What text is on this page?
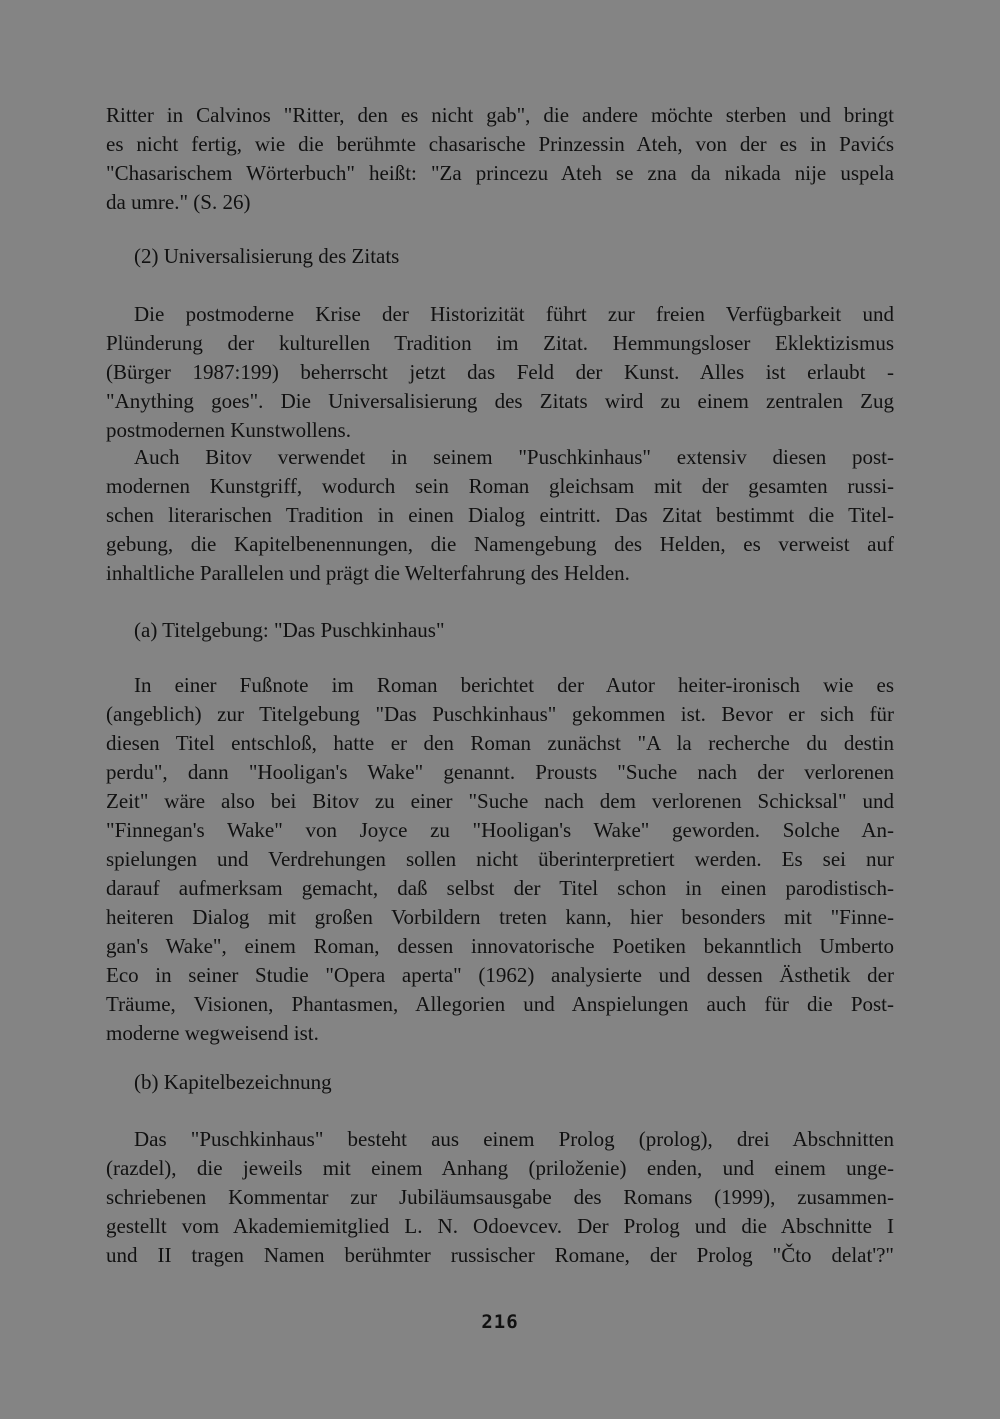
Ritter in Calvinos "Ritter, den es nicht gab", die andere möchte sterben und bringt
es nicht fertig, wie die berühmte chasarische Prinzessin Ateh, von der es in Pavićs
"Chasarischem Wörterbuch" heißt: "Za princezu Ateh se zna da nikada nije uspela
da umre." (S. 26)
(2) Universalisierung des Zitats
Die postmoderne Krise der Historizität führt zur freien Verfügbarkeit und
Plünderung der kulturellen Tradition im Zitat. Hemmungsloser Eklektizismus
(Bürger 1987:199) beherrscht jetzt das Feld der Kunst. Alles ist erlaubt -
"Anything goes". Die Universalisierung des Zitats wird zu einem zentralen Zug
postmodernen Kunstwollens.
Auch Bitov verwendet in seinem "Puschkinhaus" extensiv diesen post-
modernen Kunstgriff, wodurch sein Roman gleichsam mit der gesamten russi-
schen literarischen Tradition in einen Dialog eintritt. Das Zitat bestimmt die Titel-
gebung, die Kapitelbenennungen, die Namengebung des Helden, es verweist auf
inhaltliche Parallelen und prägt die Welterfahrung des Helden.
(a) Titelgebung: "Das Puschkinhaus"
In einer Fußnote im Roman berichtet der Autor heiter-ironisch wie es
(angeblich) zur Titelgebung "Das Puschkinhaus" gekommen ist. Bevor er sich für
diesen Titel entschloß, hatte er den Roman zunächst "A la recherche du destin
perdu", dann "Hooligan's Wake" genannt. Prousts "Suche nach der verlorenen
Zeit" wäre also bei Bitov zu einer "Suche nach dem verlorenen Schicksal" und
"Finnegan's Wake" von Joyce zu "Hooligan's Wake" geworden. Solche An-
spielungen und Verdrehungen sollen nicht überinterpretiert werden. Es sei nur
darauf aufmerksam gemacht, daß selbst der Titel schon in einen parodistisch-
heiteren Dialog mit großen Vorbildern treten kann, hier besonders mit "Finne-
gan's Wake", einem Roman, dessen innovatorische Poetiken bekanntlich Umberto
Eco in seiner Studie "Opera aperta" (1962) analysierte und dessen Ästhetik der
Träume, Visionen, Phantasmen, Allegorien und Anspielungen auch für die Post-
moderne wegweisend ist.
(b) Kapitelbezeichnung
Das "Puschkinhaus" besteht aus einem Prolog (prolog), drei Abschnitten
(razdel), die jeweils mit einem Anhang (priloženie) enden, und einem unge-
schriebenen Kommentar zur Jubiläumsausgabe des Romans (1999), zusammen-
gestellt vom Akademiemitglied L. N. Odoevcev. Der Prolog und die Abschnitte I
und II tragen Namen berühmter russischer Romane, der Prolog "Čto delat'?"
216
